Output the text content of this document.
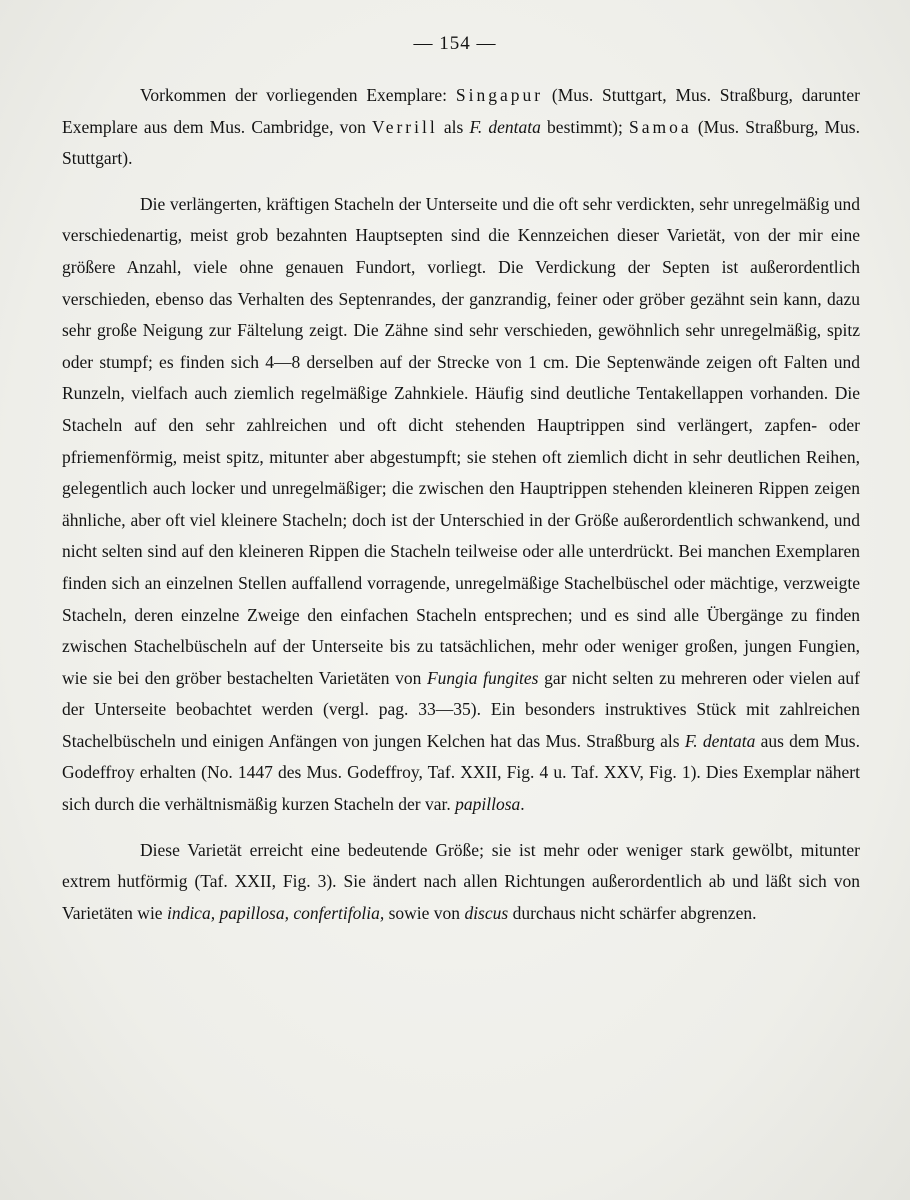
— 154 —

Vorkommen der vorliegenden Exemplare: Singapur (Mus. Stuttgart, Mus. Straßburg, darunter Exemplare aus dem Mus. Cambridge, von Verrill als F. dentata bestimmt); Samoa (Mus. Straßburg, Mus. Stuttgart).

Die verlängerten, kräftigen Stacheln der Unterseite und die oft sehr verdickten, sehr unregelmäßig und verschiedenartig, meist grob bezahnten Hauptsepten sind die Kennzeichen dieser Varietät, von der mir eine größere Anzahl, viele ohne genauen Fundort, vorliegt. Die Verdickung der Septen ist außerordentlich verschieden, ebenso das Verhalten des Septenrandes, der ganzrandig, feiner oder gröber gezähnt sein kann, dazu sehr große Neigung zur Fältelung zeigt. Die Zähne sind sehr verschieden, gewöhnlich sehr unregelmäßig, spitz oder stumpf; es finden sich 4—8 derselben auf der Strecke von 1 cm. Die Septenwände zeigen oft Falten und Runzeln, vielfach auch ziemlich regelmäßige Zahnkiele. Häufig sind deutliche Tentakellappen vorhanden. Die Stacheln auf den sehr zahlreichen und oft dicht stehenden Hauptrippen sind verlängert, zapfen- oder pfriemenförmig, meist spitz, mitunter aber abgestumpft; sie stehen oft ziemlich dicht in sehr deutlichen Reihen, gelegentlich auch locker und unregelmäßiger; die zwischen den Hauptrippen stehenden kleineren Rippen zeigen ähnliche, aber oft viel kleinere Stacheln; doch ist der Unterschied in der Größe außerordentlich schwankend, und nicht selten sind auf den kleineren Rippen die Stacheln teilweise oder alle unterdrückt. Bei manchen Exemplaren finden sich an einzelnen Stellen auffallend vorragende, unregelmäßige Stachelbüschel oder mächtige, verzweigte Stacheln, deren einzelne Zweige den einfachen Stacheln entsprechen; und es sind alle Übergänge zu finden zwischen Stachelbüscheln auf der Unterseite bis zu tatsächlichen, mehr oder weniger großen, jungen Fungien, wie sie bei den gröber bestachelten Varietäten von Fungia fungites gar nicht selten zu mehreren oder vielen auf der Unterseite beobachtet werden (vergl. pag. 33—35). Ein besonders instruktives Stück mit zahlreichen Stachelbüscheln und einigen Anfängen von jungen Kelchen hat das Mus. Straßburg als F. dentata aus dem Mus. Godeffroy erhalten (No. 1447 des Mus. Godeffroy, Taf. XXII, Fig. 4 u. Taf. XXV, Fig. 1). Dies Exemplar nähert sich durch die verhältnismäßig kurzen Stacheln der var. papillosa.

Diese Varietät erreicht eine bedeutende Größe; sie ist mehr oder weniger stark gewölbt, mitunter extrem hutförmig (Taf. XXII, Fig. 3). Sie ändert nach allen Richtungen außerordentlich ab und läßt sich von Varietäten wie indica, papillosa, confertifolia, sowie von discus durchaus nicht schärfer abgrenzen.
